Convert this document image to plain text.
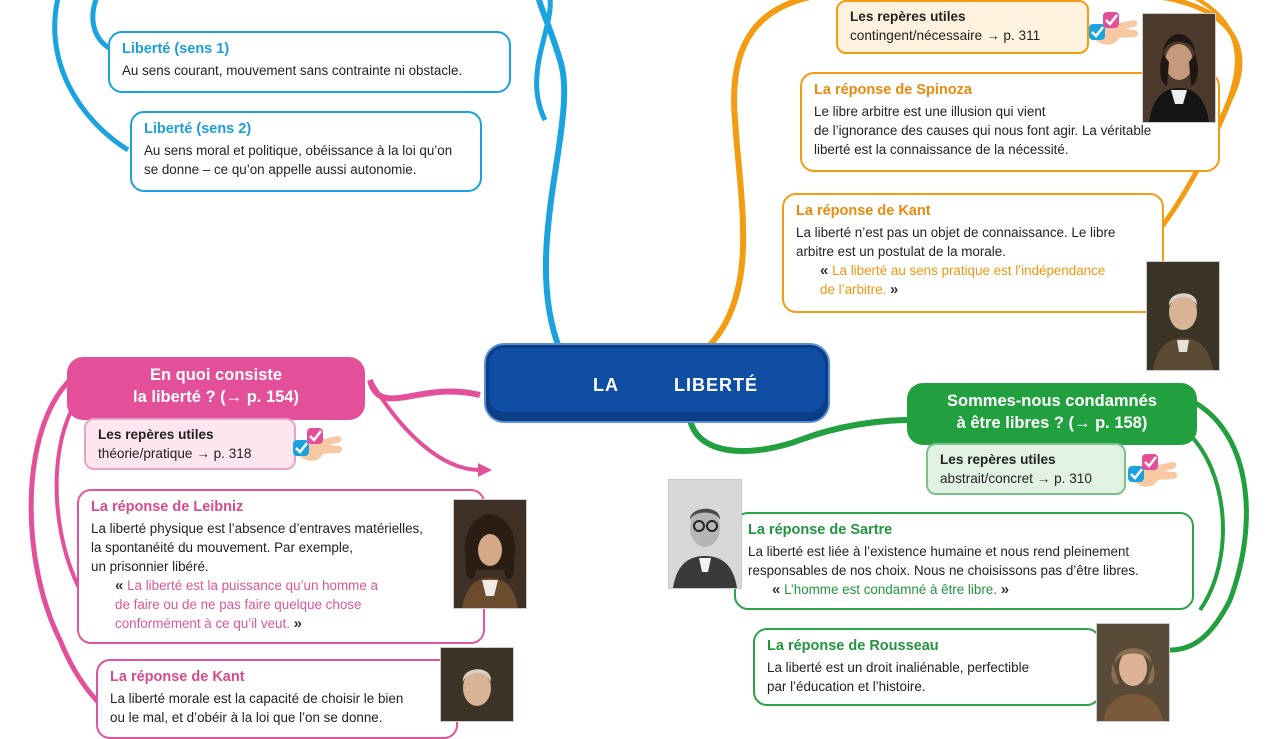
Liberté (sens 1)
Au sens courant, mouvement sans contrainte ni obstacle.
Liberté (sens 2)
Au sens moral et politique, obéissance à la loi qu’on
se donne – ce qu’on appelle aussi autonomie.
Les repères utiles
contingent/nécessaire → p. 311
La réponse de Spinoza
Le libre arbitre est une illusion qui vient
de l’ignorance des causes qui nous font agir. La véritable
liberté est la connaissance de la nécessité.
La réponse de Kant
La liberté n’est pas un objet de connaissance. Le libre
arbitre est un postulat de la morale.
« La liberté au sens pratique est l’indépendance
de l’arbitre. »
En quoi consiste
la liberté ? (→ p. 154)
Les repères utiles
théorie/pratique → p. 318
La réponse de Leibniz
La liberté physique est l’absence d’entraves matérielles,
la spontanéité du mouvement. Par exemple,
un prisonnier libéré.
« La liberté est la puissance qu’un homme a
de faire ou de ne pas faire quelque chose
conformément à ce qu’il veut. »
La réponse de Kant
La liberté morale est la capacité de choisir le bien
ou le mal, et d’obéir à la loi que l’on se donne.
Sommes-nous condamnés
à être libres ? (→ p. 158)
Les repères utiles
abstrait/concret → p. 310
La réponse de Sartre
La liberté est liée à l’existence humaine et nous rend pleinement
responsables de nos choix. Nous ne choisissons pas d’être libres.
« L’homme est condamné à être libre. »
La réponse de Rousseau
La liberté est un droit inaliénable, perfectible
par l’éducation et l’histoire.
LA	LIBERTÉ
